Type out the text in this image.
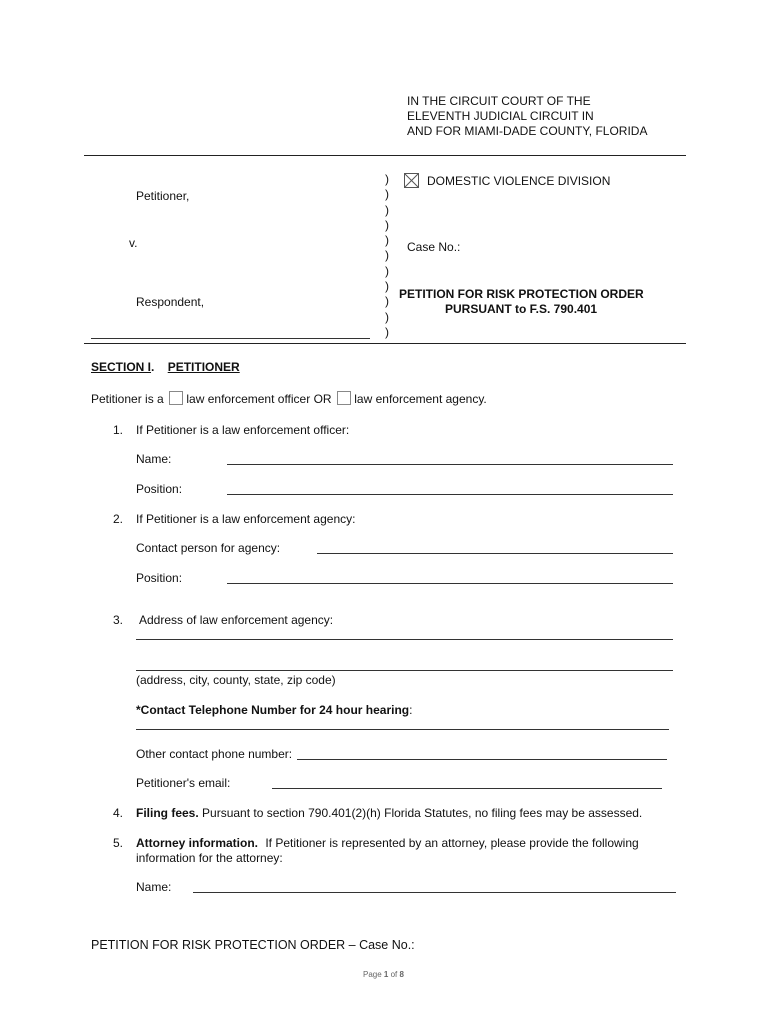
IN THE CIRCUIT COURT OF THE
ELEVENTH JUDICIAL CIRCUIT IN
AND FOR MIAMI-DADE COUNTY, FLORIDA
Petitioner,
v.
Respondent,
)
)
)
)
)
)
)
)
)
)
)
DOMESTIC VIOLENCE DIVISION
Case No.:
PETITION FOR RISK PROTECTION ORDER
PURSUANT to F.S. 790.401
SECTION I. PETITIONER
Petitioner is a law enforcement officer OR law enforcement agency.
1. If Petitioner is a law enforcement officer:
Name:
Position:
2. If Petitioner is a law enforcement agency:
Contact person for agency:
Position:
3. Address of law enforcement agency:
(address, city, county, state, zip code)
*Contact Telephone Number for 24 hour hearing:
Other contact phone number:
Petitioner's email:
4. Filing fees. Pursuant to section 790.401(2)(h) Florida Statutes, no filing fees may be assessed.
5. Attorney information. If Petitioner is represented by an attorney, please provide the following
information for the attorney:
Name:
PETITION FOR RISK PROTECTION ORDER – Case No.:
Page 1 of 8
